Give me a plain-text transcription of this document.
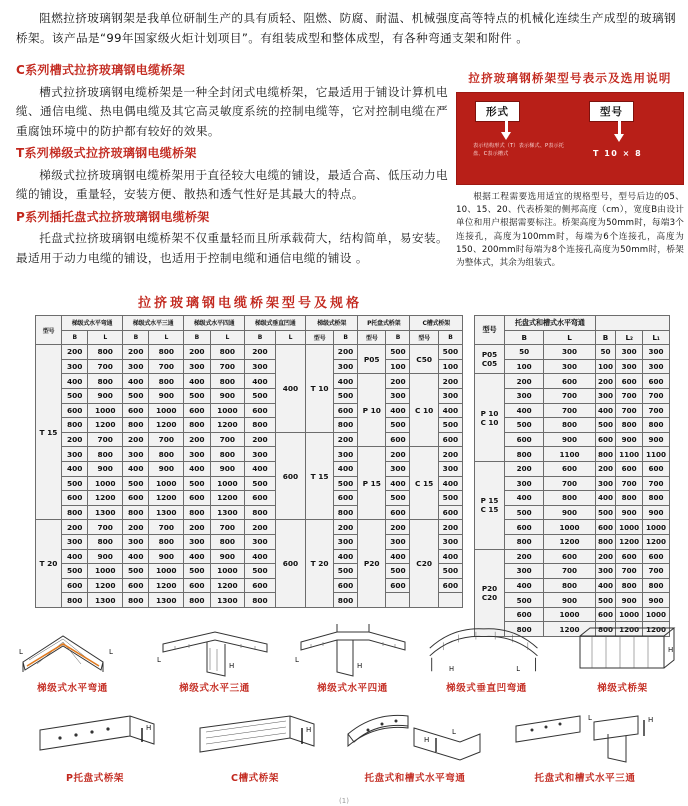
阻燃拉挤玻璃钢架是我单位研制生产的具有质轻、阻燃、防腐、耐温、机械强度高等特点的机械化连续生产成型的玻璃钢桥架。该产品是“99年国家级火炬计划项目”。有组装成型和整体成型，有各种弯通支架和附件 。

C系列槽式拉挤玻璃钢电缆桥架

槽式拉挤玻璃钢电缆桥架是一种全封闭式电缆桥架，它最适用于铺设计算机电缆、通信电缆、热电偶电缆及其它高灵敏度系统的控制电缆等，它对控制电缆在严重腐蚀环境中的防护都有较好的效果。

T系列梯级式拉挤玻璃钢电缆桥架

梯级式拉挤玻璃钢电缆桥架用于直径较大电缆的铺设，最适合高、低压动力电缆的铺设，重量轻，安装方便、散热和透气性好是其最大的特点。

P系列插托盘式拉挤玻璃钢电缆桥架

托盘式拉挤玻璃钢电缆桥架不仅重量轻而且所承载荷大，结构简单，易安装。最适用于动力电缆的铺设，也适用于控制电缆和通信电缆的铺设 。

拉挤玻璃钢桥架型号表示及选用说明
形式	型号
表示结构形式（T）表示梯式、P表示托盘、C表示槽式	T 10 × 8

根据工程需要选用适宜的规格型号，型号后边的05、10、15、20、代表桥架的侧邦高度（cm），宽度B由设计单位和用户根据需要标注。桥架高度为50mm时，每端3个连接孔，高度为100mm时，每端为6个连接孔，高度为150、200mm时每端为8个连接孔高度为50mm时，桥架为整体式，其余为组装式。

拉挤玻璃钢电缆桥架型号及规格
型号	梯级式水平弯通		梯级式水平三通		梯级式水平四通		梯级式垂直凹通		梯级式桥架		P托盘式桥架		C槽式桥架	
	B	L	B	L	B	L	B	L	型号	B	型号	B	型号	B
T 15	200	800	200	800	200	800	200	400	T 10	200	P05	500	C50	500
	300	700	300	700	300	700	300			300		100		100
	400	800	400	800	400	800	400			400	P 10	200	C 10	200
	500	900	500	900	500	900	500			500		300		300
	600	1000	600	1000	600	1000	600			600		400		400
	800	1200	800	1200	800	1200	800			800		500		500
	200	700	200	700	200	700	200	600	T 15	200		600		600
	300	800	300	800	300	800	300			300	P 15	200	C 15	200
	400	900	400	900	400	900	400			400		300		300
	500	1000	500	1000	500	1000	500			500		400		400
	600	1200	600	1200	600	1200	600			600		500		500
	800	1300	800	1300	800	1300	800			800		600		600
T 20	200	700	200	700	200	700	200	600	T 20	200	P20	200	C20	200
	300	800	300	800	300	800	300			300		300		300
	400	900	400	900	400	900	400			400		400		400
	500	1000	500	1000	500	1000	500			500		500		500
	600	1200	600	1200	600	1200	600			600		600		600
	800	1300	800	1300	800	1300	800			800				
型号	托盘式和槽式水平弯通				
	B	L	B	L₂	L₁
P05
C05	50	300	50	300	300
	100	300	100	300	300
P 10
C 10	200	600	200	600	600
	300	700	300	700	700
	400	700	400	700	700
	500	800	500	800	800
	600	900	600	900	900
	800	1100	800	1100	1100
P 15
C 15	200	600	200	600	600
	300	700	300	700	700
	400	800	400	800	800
	500	900	500	900	900
	600	1000	600	1000	1000
	800	1200	800	1200	1200
P20
C20	200	600	200	600	600
	300	700	300	700	700
	400	800	400	800	800
	500	900	500	900	900
	600	1000	600	1000	1000
	800	1200	800	1200	1200
L	L
梯级式水平弯通
L
H
梯级式水平三通
L
H
梯级式水平四通
H	L
梯级式垂直凹弯通
H
梯级式桥架
H
P托盘式桥架
H
C槽式桥架
H
L
托盘式和槽式水平弯通
L	H
托盘式和槽式水平三通
(1)
